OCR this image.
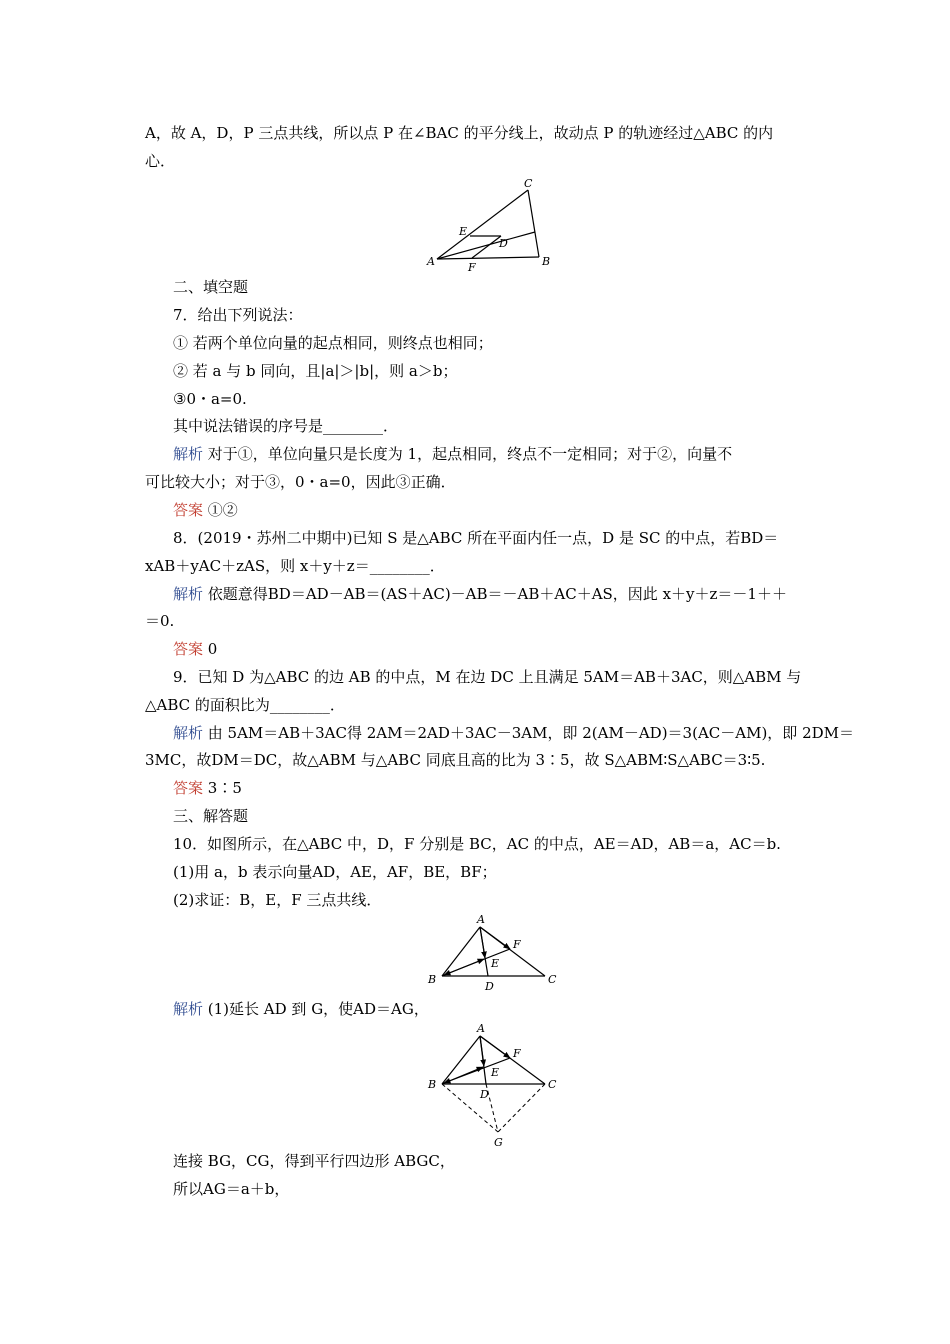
A，故 A，D，P 三点共线，所以点 P 在∠BAC 的平分线上，故动点 P 的轨迹经过△ABC 的内
心．
C
E
D
A	F	B
二、填空题
7．给出下列说法：
① 若两个单位向量的起点相同，则终点也相同；
② 若 a 与 b 同向，且|a|＞|b|，则 a＞b；
③0・a=0.
其中说法错误的序号是________．
解析 对于①，单位向量只是长度为 1，起点相同，终点不一定相同；对于②，向量不
可比较大小；对于③，0・a=0，因此③正确．
答案 ①②
8．(2019・苏州二中期中)已知 S 是△ABC 所在平面内任一点，D 是 SC 的中点，若BD＝
xAB＋yAC＋zAS，则 x＋y＋z＝________．
解析 依题意得BD＝AD－AB＝(AS＋AC)－AB＝－AB＋AC＋AS，因此 x＋y＋z＝－1＋＋
＝0.
答案 0
9．已知 D 为△ABC 的边 AB 的中点，M 在边 DC 上且满足 5AM＝AB＋3AC，则△ABM 与
△ABC 的面积比为________．
解析 由 5AM＝AB＋3AC得 2AM＝2AD＋3AC－3AM，即 2(AM－AD)＝3(AC－AM)，即 2DM＝
3MC，故DM＝DC，故△ABM 与△ABC 同底且高的比为 3∶5，故 S△ABM∶S△ABC＝3∶5.
答案 3∶5
三、解答题
10．如图所示，在△ABC 中，D，F 分别是 BC，AC 的中点，AE＝AD，AB＝a，AC＝b.
(1)用 a，b 表示向量AD，AE，AF，BE，BF；
(2)求证：B，E，F 三点共线．
A
F
E
B
D
C
解析 (1)延长 AD 到 G，使AD＝AG，
A
F
E
B
D
C
G
连接 BG，CG，得到平行四边形 ABGC，
所以AG＝a＋b，
